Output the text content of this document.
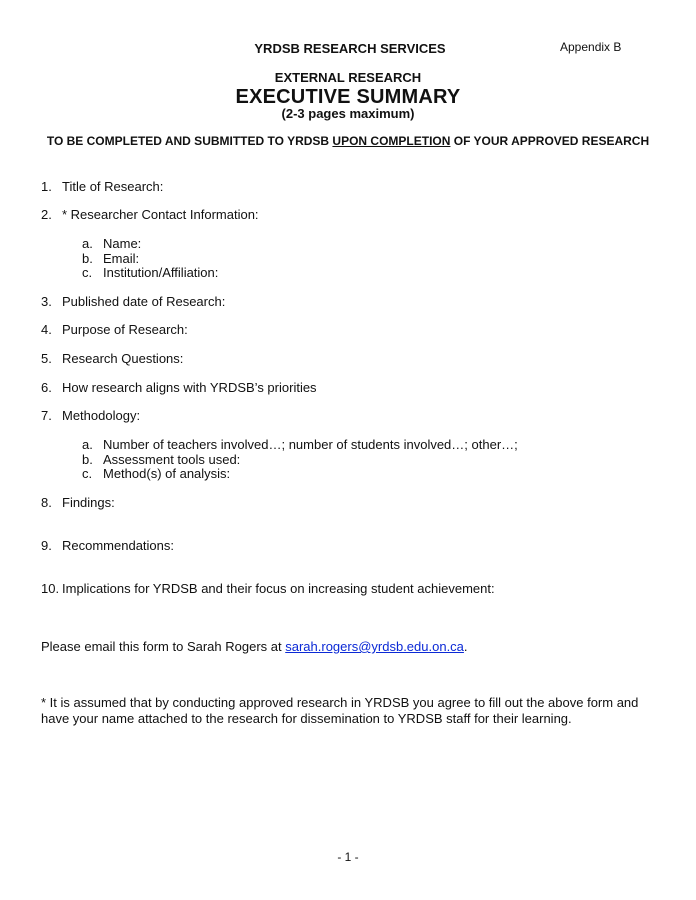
YRDSB RESEARCH SERVICES	Appendix B
EXTERNAL RESEARCH
EXECUTIVE SUMMARY
(2-3 pages maximum)
TO BE COMPLETED AND SUBMITTED TO YRDSB UPON COMPLETION OF YOUR APPROVED RESEARCH
1. Title of Research:
2. * Researcher Contact Information:
a. Name:
b. Email:
c. Institution/Affiliation:
3. Published date of Research:
4. Purpose of Research:
5. Research Questions:
6. How research aligns with YRDSB’s priorities
7. Methodology:
a. Number of teachers involved…; number of students involved…; other…;
b. Assessment tools used:
c. Method(s) of analysis:
8. Findings:
9. Recommendations:
10. Implications for YRDSB and their focus on increasing student achievement:
Please email this form to Sarah Rogers at sarah.rogers@yrdsb.edu.on.ca.
* It is assumed that by conducting approved research in YRDSB you agree to fill out the above form and have your name attached to the research for dissemination to YRDSB staff for their learning.
- 1 -
